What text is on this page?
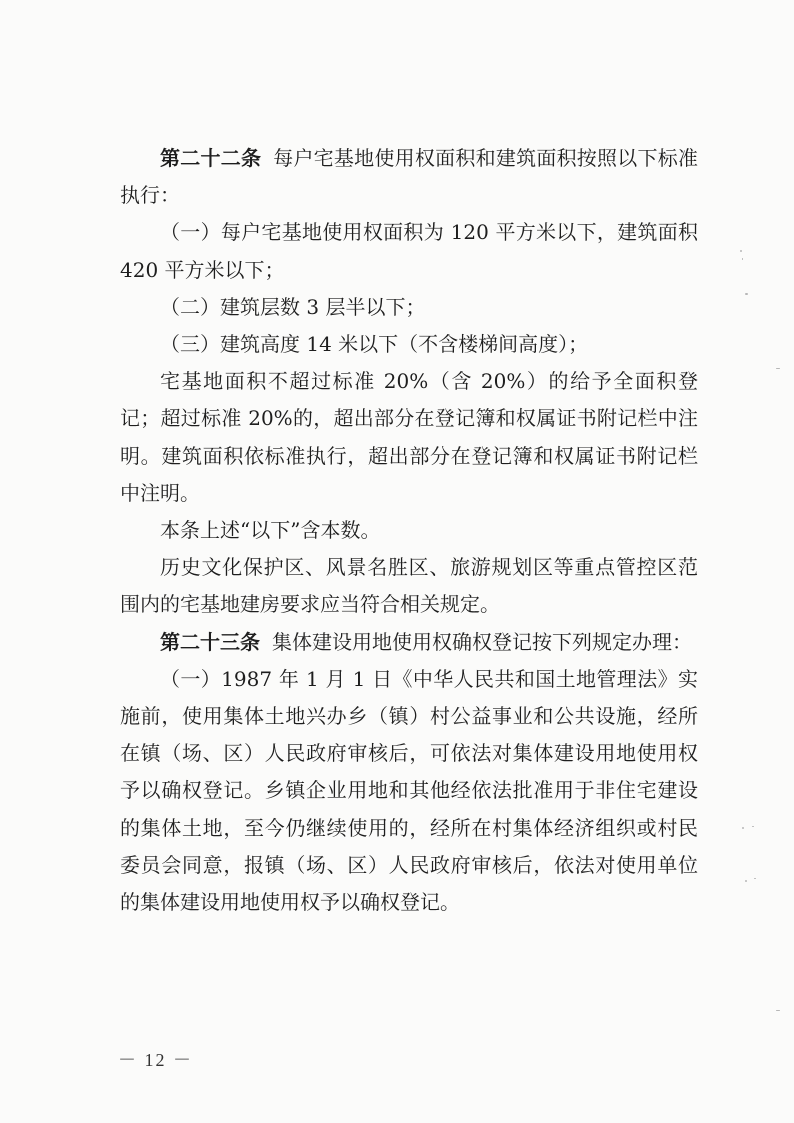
第二十二条 每户宅基地使用权面积和建筑面积按照以下标准执行：

（一）每户宅基地使用权面积为 120 平方米以下，建筑面积 420 平方米以下；

（二）建筑层数 3 层半以下；

（三）建筑高度 14 米以下（不含楼梯间高度）；

宅基地面积不超过标准 20%（含 20%）的给予全面积登记；超过标准 20%的，超出部分在登记簿和权属证书附记栏中注明。建筑面积依标准执行，超出部分在登记簿和权属证书附记栏中注明。

本条上述“以下”含本数。

历史文化保护区、风景名胜区、旅游规划区等重点管控区范围内的宅基地建房要求应当符合相关规定。

第二十三条 集体建设用地使用权确权登记按下列规定办理：

（一）1987 年 1 月 1 日《中华人民共和国土地管理法》实施前，使用集体土地兴办乡（镇）村公益事业和公共设施，经所在镇（场、区）人民政府审核后，可依法对集体建设用地使用权予以确权登记。乡镇企业用地和其他经依法批准用于非住宅建设的集体土地，至今仍继续使用的，经所在村集体经济组织或村民委员会同意，报镇（场、区）人民政府审核后，依法对使用单位的集体建设用地使用权予以确权登记。

－ 12 －
